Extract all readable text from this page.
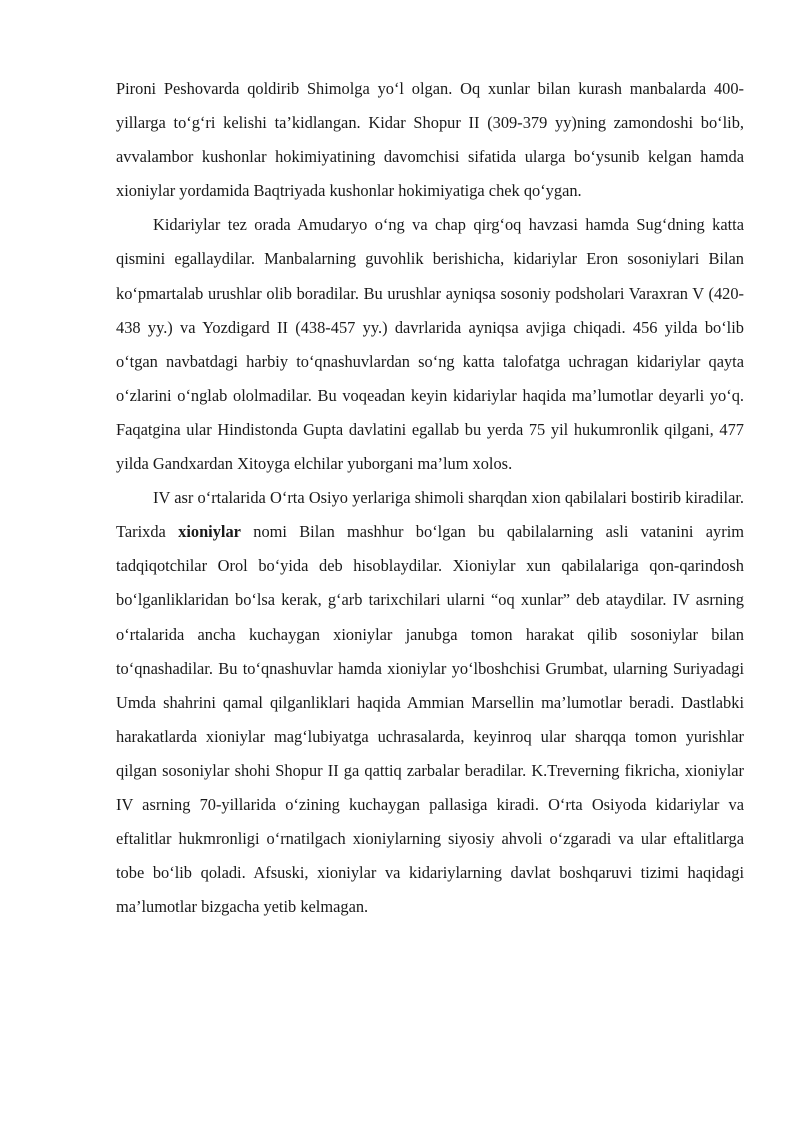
Pironi Peshovarda qoldirib Shimolga yo‘l olgan. Oq xunlar bilan kurash manbalarda 400-yillarga to‘g‘ri kelishi ta’kidlangan. Kidar Shopur II (309-379 yy)ning zamondoshi bo‘lib, avvalambor kushonlar hokimiyatining davomchisi sifatida ularga bo‘ysunib kelgan hamda xioniylar yordamida Baqtriyada kushonlar hokimiyatiga chek qo‘ygan.

Kidariylar tez orada Amudaryo o‘ng va chap qirg‘oq havzasi hamda Sug‘dning katta qismini egallaydilar. Manbalarning guvohlik berishicha, kidariylar Eron sosoniylari Bilan ko‘pmartalab urushlar olib boradilar. Bu urushlar ayniqsa sosoniy podsholari Varaxran V (420-438 yy.) va Yozdigard II (438-457 yy.) davrlarida ayniqsa avjiga chiqadi. 456 yilda bo‘lib o‘tgan navbatdagi harbiy to‘qnashuvlardan so‘ng katta talofatga uchragan kidariylar qayta o‘zlarini o‘nglab ololmadilar. Bu voqeadan keyin kidariylar haqida ma’lumotlar deyarli yo‘q. Faqatgina ular Hindistonda Gupta davlatini egallab bu yerda 75 yil hukumronlik qilgani, 477 yilda Gandxardan Xitoyga elchilar yuborgani ma’lum xolos.

IV asr o‘rtalarida O‘rta Osiyo yerlariga shimoli sharqdan xion qabilalari bostirib kiradilar. Tarixda xioniylar nomi Bilan mashhur bo‘lgan bu qabilalarning asli vatanini ayrim tadqiqotchilar Orol bo‘yida deb hisoblaydilar. Xioniylar xun qabilalariga qon-qarindosh bo‘lganliklaridan bo‘lsa kerak, g‘arb tarixchilari ularni “oq xunlar” deb ataydilar. IV asrning o‘rtalarida ancha kuchaygan xioniylar janubga tomon harakat qilib sosoniylar bilan to‘qnashadilar. Bu to‘qnashuvlar hamda xioniylar yo‘lboshchisi Grumbat, ularning Suriyadagi Umda shahrini qamal qilganliklari haqida Ammian Marsellin ma’lumotlar beradi. Dastlabki harakatlarda xioniylar mag‘lubiyatga uchrasalarda, keyinroq ular sharqqa tomon yurishlar qilgan sosoniylar shohi Shopur II ga qattiq zarbalar beradilar. K.Treverning fikricha, xioniylar IV asrning 70-yillarida o‘zining kuchaygan pallasiga kiradi. O‘rta Osiyoda kidariylar va eftalitlar hukmronligi o‘rnatilgach xioniylarning siyosiy ahvoli o‘zgaradi va ular eftalitlarga tobe bo‘lib qoladi. Afsuski, xioniylar va kidariylarning davlat boshqaruvi tizimi haqidagi ma’lumotlar bizgacha yetib kelmagan.
